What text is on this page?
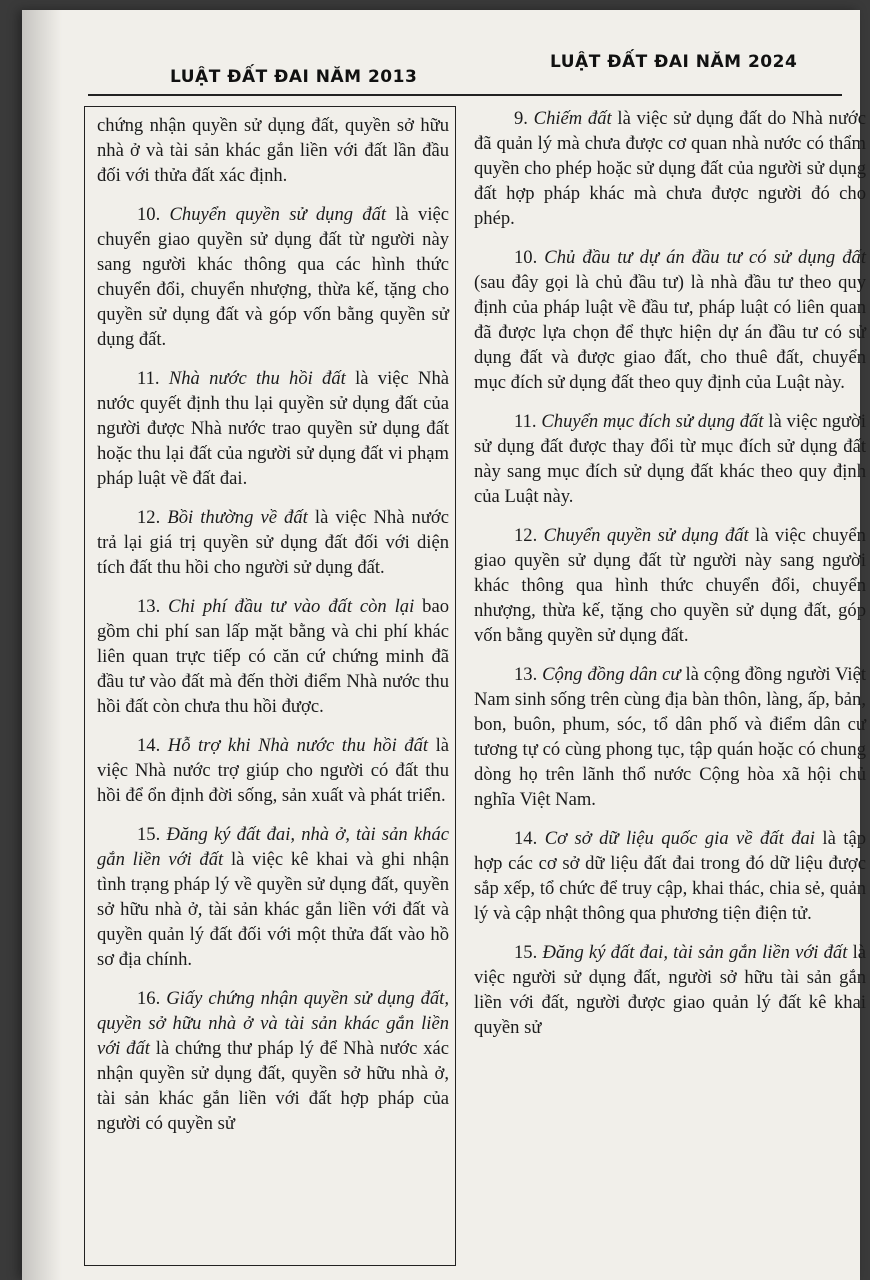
LUẬT ĐẤT ĐAI NĂM 2013
LUẬT ĐẤT ĐAI NĂM 2024

chứng nhận quyền sử dụng đất, quyền sở hữu nhà ở và tài sản khác gắn liền với đất lần đầu đối với thửa đất xác định.

10. Chuyển quyền sử dụng đất là việc chuyển giao quyền sử dụng đất từ người này sang người khác thông qua các hình thức chuyển đổi, chuyển nhượng, thừa kế, tặng cho quyền sử dụng đất và góp vốn bằng quyền sử dụng đất.

11. Nhà nước thu hồi đất là việc Nhà nước quyết định thu lại quyền sử dụng đất của người được Nhà nước trao quyền sử dụng đất hoặc thu lại đất của người sử dụng đất vi phạm pháp luật về đất đai.

12. Bồi thường về đất là việc Nhà nước trả lại giá trị quyền sử dụng đất đối với diện tích đất thu hồi cho người sử dụng đất.

13. Chi phí đầu tư vào đất còn lại bao gồm chi phí san lấp mặt bằng và chi phí khác liên quan trực tiếp có căn cứ chứng minh đã đầu tư vào đất mà đến thời điểm Nhà nước thu hồi đất còn chưa thu hồi được.

14. Hỗ trợ khi Nhà nước thu hồi đất là việc Nhà nước trợ giúp cho người có đất thu hồi để ổn định đời sống, sản xuất và phát triển.

15. Đăng ký đất đai, nhà ở, tài sản khác gắn liền với đất là việc kê khai và ghi nhận tình trạng pháp lý về quyền sử dụng đất, quyền sở hữu nhà ở, tài sản khác gắn liền với đất và quyền quản lý đất đối với một thửa đất vào hồ sơ địa chính.

16. Giấy chứng nhận quyền sử dụng đất, quyền sở hữu nhà ở và tài sản khác gắn liền với đất là chứng thư pháp lý để Nhà nước xác nhận quyền sử dụng đất, quyền sở hữu nhà ở, tài sản khác gắn liền với đất hợp pháp của người có quyền sử

9. Chiếm đất là việc sử dụng đất do Nhà nước đã quản lý mà chưa được cơ quan nhà nước có thẩm quyền cho phép hoặc sử dụng đất của người sử dụng đất hợp pháp khác mà chưa được người đó cho phép.

10. Chủ đầu tư dự án đầu tư có sử dụng đất (sau đây gọi là chủ đầu tư) là nhà đầu tư theo quy định của pháp luật về đầu tư, pháp luật có liên quan đã được lựa chọn để thực hiện dự án đầu tư có sử dụng đất và được giao đất, cho thuê đất, chuyển mục đích sử dụng đất theo quy định của Luật này.

11. Chuyển mục đích sử dụng đất là việc người sử dụng đất được thay đổi từ mục đích sử dụng đất này sang mục đích sử dụng đất khác theo quy định của Luật này.

12. Chuyển quyền sử dụng đất là việc chuyển giao quyền sử dụng đất từ người này sang người khác thông qua hình thức chuyển đổi, chuyển nhượng, thừa kế, tặng cho quyền sử dụng đất, góp vốn bằng quyền sử dụng đất.

13. Cộng đồng dân cư là cộng đồng người Việt Nam sinh sống trên cùng địa bàn thôn, làng, ấp, bản, bon, buôn, phum, sóc, tổ dân phố và điểm dân cư tương tự có cùng phong tục, tập quán hoặc có chung dòng họ trên lãnh thổ nước Cộng hòa xã hội chủ nghĩa Việt Nam.

14. Cơ sở dữ liệu quốc gia về đất đai là tập hợp các cơ sở dữ liệu đất đai trong đó dữ liệu được sắp xếp, tổ chức để truy cập, khai thác, chia sẻ, quản lý và cập nhật thông qua phương tiện điện tử.

15. Đăng ký đất đai, tài sản gắn liền với đất là việc người sử dụng đất, người sở hữu tài sản gắn liền với đất, người được giao quản lý đất kê khai quyền sử
